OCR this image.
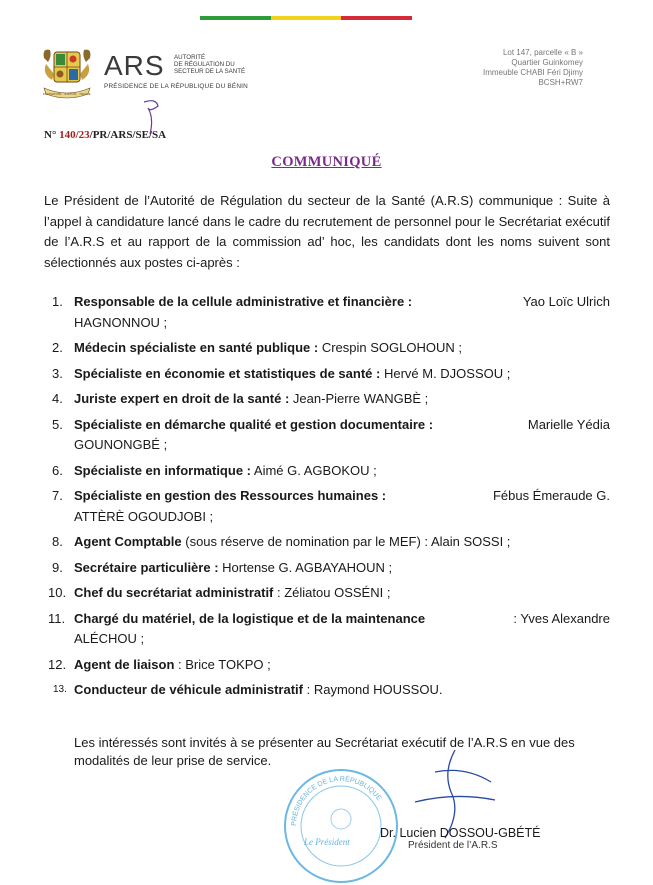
FRATERNITÉ · JUSTICE · TRAVAIL
ARS AUTORITÉ
DE RÉGULATION DU
SECTEUR DE LA SANTÉ
PRÉSIDENCE DE LA RÉPUBLIQUE DU BÉNIN
Lot 147, parcelle « B »
Quartier Guinkomey
Immeuble CHABI Féri Djimy
BCSH+RW7
N° 140/23/PR/ARS/SE/SA
COMMUNIQUÉ
Le Président de l’Autorité de Régulation du secteur de la Santé (A.R.S) communique : Suite à l’appel à candidature lancé dans le cadre du recrutement de personnel pour le Secrétariat exécutif de l’A.R.S et au rapport de la commission ad’ hoc, les candidats dont les noms suivent sont sélectionnés aux postes ci-après :
1. Responsable de la cellule administrative et financière :	Yao Loïc Ulrich
HAGNONNOU ;
2. Médecin spécialiste en santé publique : Crespin SOGLOHOUN ;
3. Spécialiste en économie et statistiques de santé : Hervé M. DJOSSOU ;
4. Juriste expert en droit de la santé : Jean-Pierre WANGBÈ ;
5. Spécialiste en démarche qualité et gestion documentaire :	Marielle Yédia
GOUNONGBÉ ;
6. Spécialiste en informatique : Aimé G. AGBOKOU ;
7. Spécialiste en gestion des Ressources humaines :	Fébus Émeraude G.
ATTÈRÈ OGOUDJOBI ;
8. Agent Comptable (sous réserve de nomination par le MEF) : Alain SOSSI ;
9. Secrétaire particulière : Hortense G. AGBAYAHOUN ;
10. Chef du secrétariat administratif : Zéliatou OSSÉNI ;
11. Chargé du matériel, de la logistique et de la maintenance	: Yves Alexandre
ALÉCHOU ;
12. Agent de liaison : Brice TOKPO ;
13. Conducteur de véhicule administratif : Raymond HOUSSOU.
Les intéressés sont invités à se présenter au Secrétariat exécutif de l’A.R.S en vue des modalités de leur prise de service.
PRÉSIDENCE DE LA RÉPUBLIQUE
Le Président
Dr. Lucien DOSSOU-GBÉTÉ
Président de l’A.R.S
